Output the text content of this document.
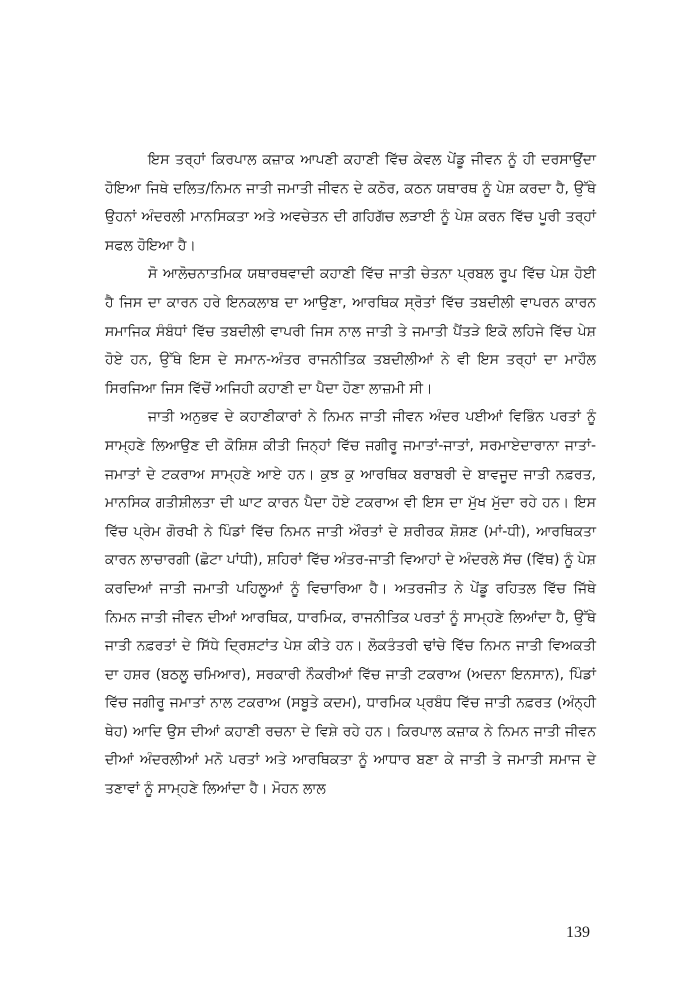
ਇਸ ਤਰ੍ਹਾਂ ਕਿਰਪਾਲ ਕਜ਼ਾਕ ਆਪਣੀ ਕਹਾਣੀ ਵਿੱਚ ਕੇਵਲ ਪੇਂਡੂ ਜੀਵਨ ਨੂੰ ਹੀ ਦਰਸਾਉਂਦਾ ਹੋਇਆ ਜਿਥੇ ਦਲਿਤ/ਨਿਮਨ ਜਾਤੀ ਜਮਾਤੀ ਜੀਵਨ ਦੇ ਕਠੋਰ, ਕਠਨ ਯਥਾਰਥ ਨੂੰ ਪੇਸ਼ ਕਰਦਾ ਹੈ, ਉੱਥੇ ਉਹਨਾਂ ਅੰਦਰਲੀ ਮਾਨਸਿਕਤਾ ਅਤੇ ਅਵਚੇਤਨ ਦੀ ਗਹਿਗੱਚ ਲੜਾਈ ਨੂੰ ਪੇਸ਼ ਕਰਨ ਵਿੱਚ ਪੂਰੀ ਤਰ੍ਹਾਂ ਸਫਲ ਹੋਇਆ ਹੈ।

ਸੋ ਆਲੋਚਨਾਤਮਿਕ ਯਥਾਰਥਵਾਦੀ ਕਹਾਣੀ ਵਿੱਚ ਜਾਤੀ ਚੇਤਨਾ ਪ੍ਰਬਲ ਰੂਪ ਵਿੱਚ ਪੇਸ਼ ਹੋਈ ਹੈ ਜਿਸ ਦਾ ਕਾਰਨ ਹਰੇ ਇਨਕਲਾਬ ਦਾ ਆਉਣਾ, ਆਰਥਿਕ ਸ੍ਰੋਤਾਂ ਵਿੱਚ ਤਬਦੀਲੀ ਵਾਪਰਨ ਕਾਰਨ ਸਮਾਜਿਕ ਸੰਬੰਧਾਂ ਵਿੱਚ ਤਬਦੀਲੀ ਵਾਪਰੀ ਜਿਸ ਨਾਲ ਜਾਤੀ ਤੇ ਜਮਾਤੀ ਪੈਂਤੜੇ ਇਕੋ ਲਹਿਜੇ ਵਿੱਚ ਪੇਸ਼ ਹੋਏ ਹਨ, ਉੱਥੇ ਇਸ ਦੇ ਸਮਾਨ-ਅੰਤਰ ਰਾਜਨੀਤਿਕ ਤਬਦੀਲੀਆਂ ਨੇ ਵੀ ਇਸ ਤਰ੍ਹਾਂ ਦਾ ਮਾਹੌਲ ਸਿਰਜਿਆ ਜਿਸ ਵਿੱਚੋਂ ਅਜਿਹੀ ਕਹਾਣੀ ਦਾ ਪੈਦਾ ਹੋਣਾ ਲਾਜ਼ਮੀ ਸੀ।

ਜਾਤੀ ਅਨੁਭਵ ਦੇ ਕਹਾਣੀਕਾਰਾਂ ਨੇ ਨਿਮਨ ਜਾਤੀ ਜੀਵਨ ਅੰਦਰ ਪਈਆਂ ਵਿਭਿੰਨ ਪਰਤਾਂ ਨੂੰ ਸਾਮ੍ਹਣੇ ਲਿਆਉਣ ਦੀ ਕੋਸ਼ਿਸ਼ ਕੀਤੀ ਜਿਨ੍ਹਾਂ ਵਿੱਚ ਜਗੀਰੂ ਜਮਾਤਾਂ-ਜਾਤਾਂ, ਸਰਮਾਏਦਾਰਾਨਾ ਜਾਤਾਂ-ਜਮਾਤਾਂ ਦੇ ਟਕਰਾਅ ਸਾਮ੍ਹਣੇ ਆਏ ਹਨ। ਕੁਝ ਕੁ ਆਰਥਿਕ ਬਰਾਬਰੀ ਦੇ ਬਾਵਜੂਦ ਜਾਤੀ ਨਫ਼ਰਤ, ਮਾਨਸਿਕ ਗਤੀਸ਼ੀਲਤਾ ਦੀ ਘਾਟ ਕਾਰਨ ਪੈਦਾ ਹੋਏ ਟਕਰਾਅ ਵੀ ਇਸ ਦਾ ਮੁੱਖ ਮੁੱਦਾ ਰਹੇ ਹਨ। ਇਸ ਵਿੱਚ ਪ੍ਰੇਮ ਗੋਰਖੀ ਨੇ ਪਿੰਡਾਂ ਵਿੱਚ ਨਿਮਨ ਜਾਤੀ ਔਰਤਾਂ ਦੇ ਸ਼ਰੀਰਕ ਸ਼ੋਸ਼ਣ (ਮਾਂ-ਧੀ), ਆਰਥਿਕਤਾ ਕਾਰਨ ਲਾਚਾਰਗੀ (ਛੋਟਾ ਪਾਂਧੀ), ਸ਼ਹਿਰਾਂ ਵਿੱਚ ਅੰਤਰ-ਜਾਤੀ ਵਿਆਹਾਂ ਦੇ ਅੰਦਰਲੇ ਸੱਚ (ਵਿੱਥ) ਨੂੰ ਪੇਸ਼ ਕਰਦਿਆਂ ਜਾਤੀ ਜਮਾਤੀ ਪਹਿਲੂਆਂ ਨੂੰ ਵਿਚਾਰਿਆ ਹੈ। ਅਤਰਜੀਤ ਨੇ ਪੇਂਡੂ ਰਹਿਤਲ ਵਿੱਚ ਜਿੱਥੇ ਨਿਮਨ ਜਾਤੀ ਜੀਵਨ ਦੀਆਂ ਆਰਥਿਕ, ਧਾਰਮਿਕ, ਰਾਜਨੀਤਿਕ ਪਰਤਾਂ ਨੂੰ ਸਾਮ੍ਹਣੇ ਲਿਆਂਦਾ ਹੈ, ਉੱਥੇ ਜਾਤੀ ਨਫ਼ਰਤਾਂ ਦੇ ਸਿੱਧੇ ਦ੍ਰਿਸ਼ਟਾਂਤ ਪੇਸ਼ ਕੀਤੇ ਹਨ। ਲੋਕਤੰਤਰੀ ਢਾਂਚੇ ਵਿੱਚ ਨਿਮਨ ਜਾਤੀ ਵਿਅਕਤੀ ਦਾ ਹਸ਼ਰ (ਬਠਲੂ ਚਮਿਆਰ), ਸਰਕਾਰੀ ਨੌਕਰੀਆਂ ਵਿੱਚ ਜਾਤੀ ਟਕਰਾਅ (ਅਦਨਾ ਇਨਸਾਨ), ਪਿੰਡਾਂ ਵਿੱਚ ਜਗੀਰੂ ਜਮਾਤਾਂ ਨਾਲ ਟਕਰਾਅ (ਸਬੂਤੇ ਕਦਮ), ਧਾਰਮਿਕ ਪ੍ਰਬੰਧ ਵਿੱਚ ਜਾਤੀ ਨਫ਼ਰਤ (ਅੰਨ੍ਹੀ ਥੇਹ) ਆਦਿ ਉਸ ਦੀਆਂ ਕਹਾਣੀ ਰਚਨਾ ਦੇ ਵਿਸ਼ੇ ਰਹੇ ਹਨ। ਕਿਰਪਾਲ ਕਜ਼ਾਕ ਨੇ ਨਿਮਨ ਜਾਤੀ ਜੀਵਨ ਦੀਆਂ ਅੰਦਰਲੀਆਂ ਮਨੋ ਪਰਤਾਂ ਅਤੇ ਆਰਥਿਕਤਾ ਨੂੰ ਆਧਾਰ ਬਣਾ ਕੇ ਜਾਤੀ ਤੇ ਜਮਾਤੀ ਸਮਾਜ ਦੇ ਤਣਾਵਾਂ ਨੂੰ ਸਾਮ੍ਹਣੇ ਲਿਆਂਦਾ ਹੈ। ਮੋਹਨ ਲਾਲ

139
